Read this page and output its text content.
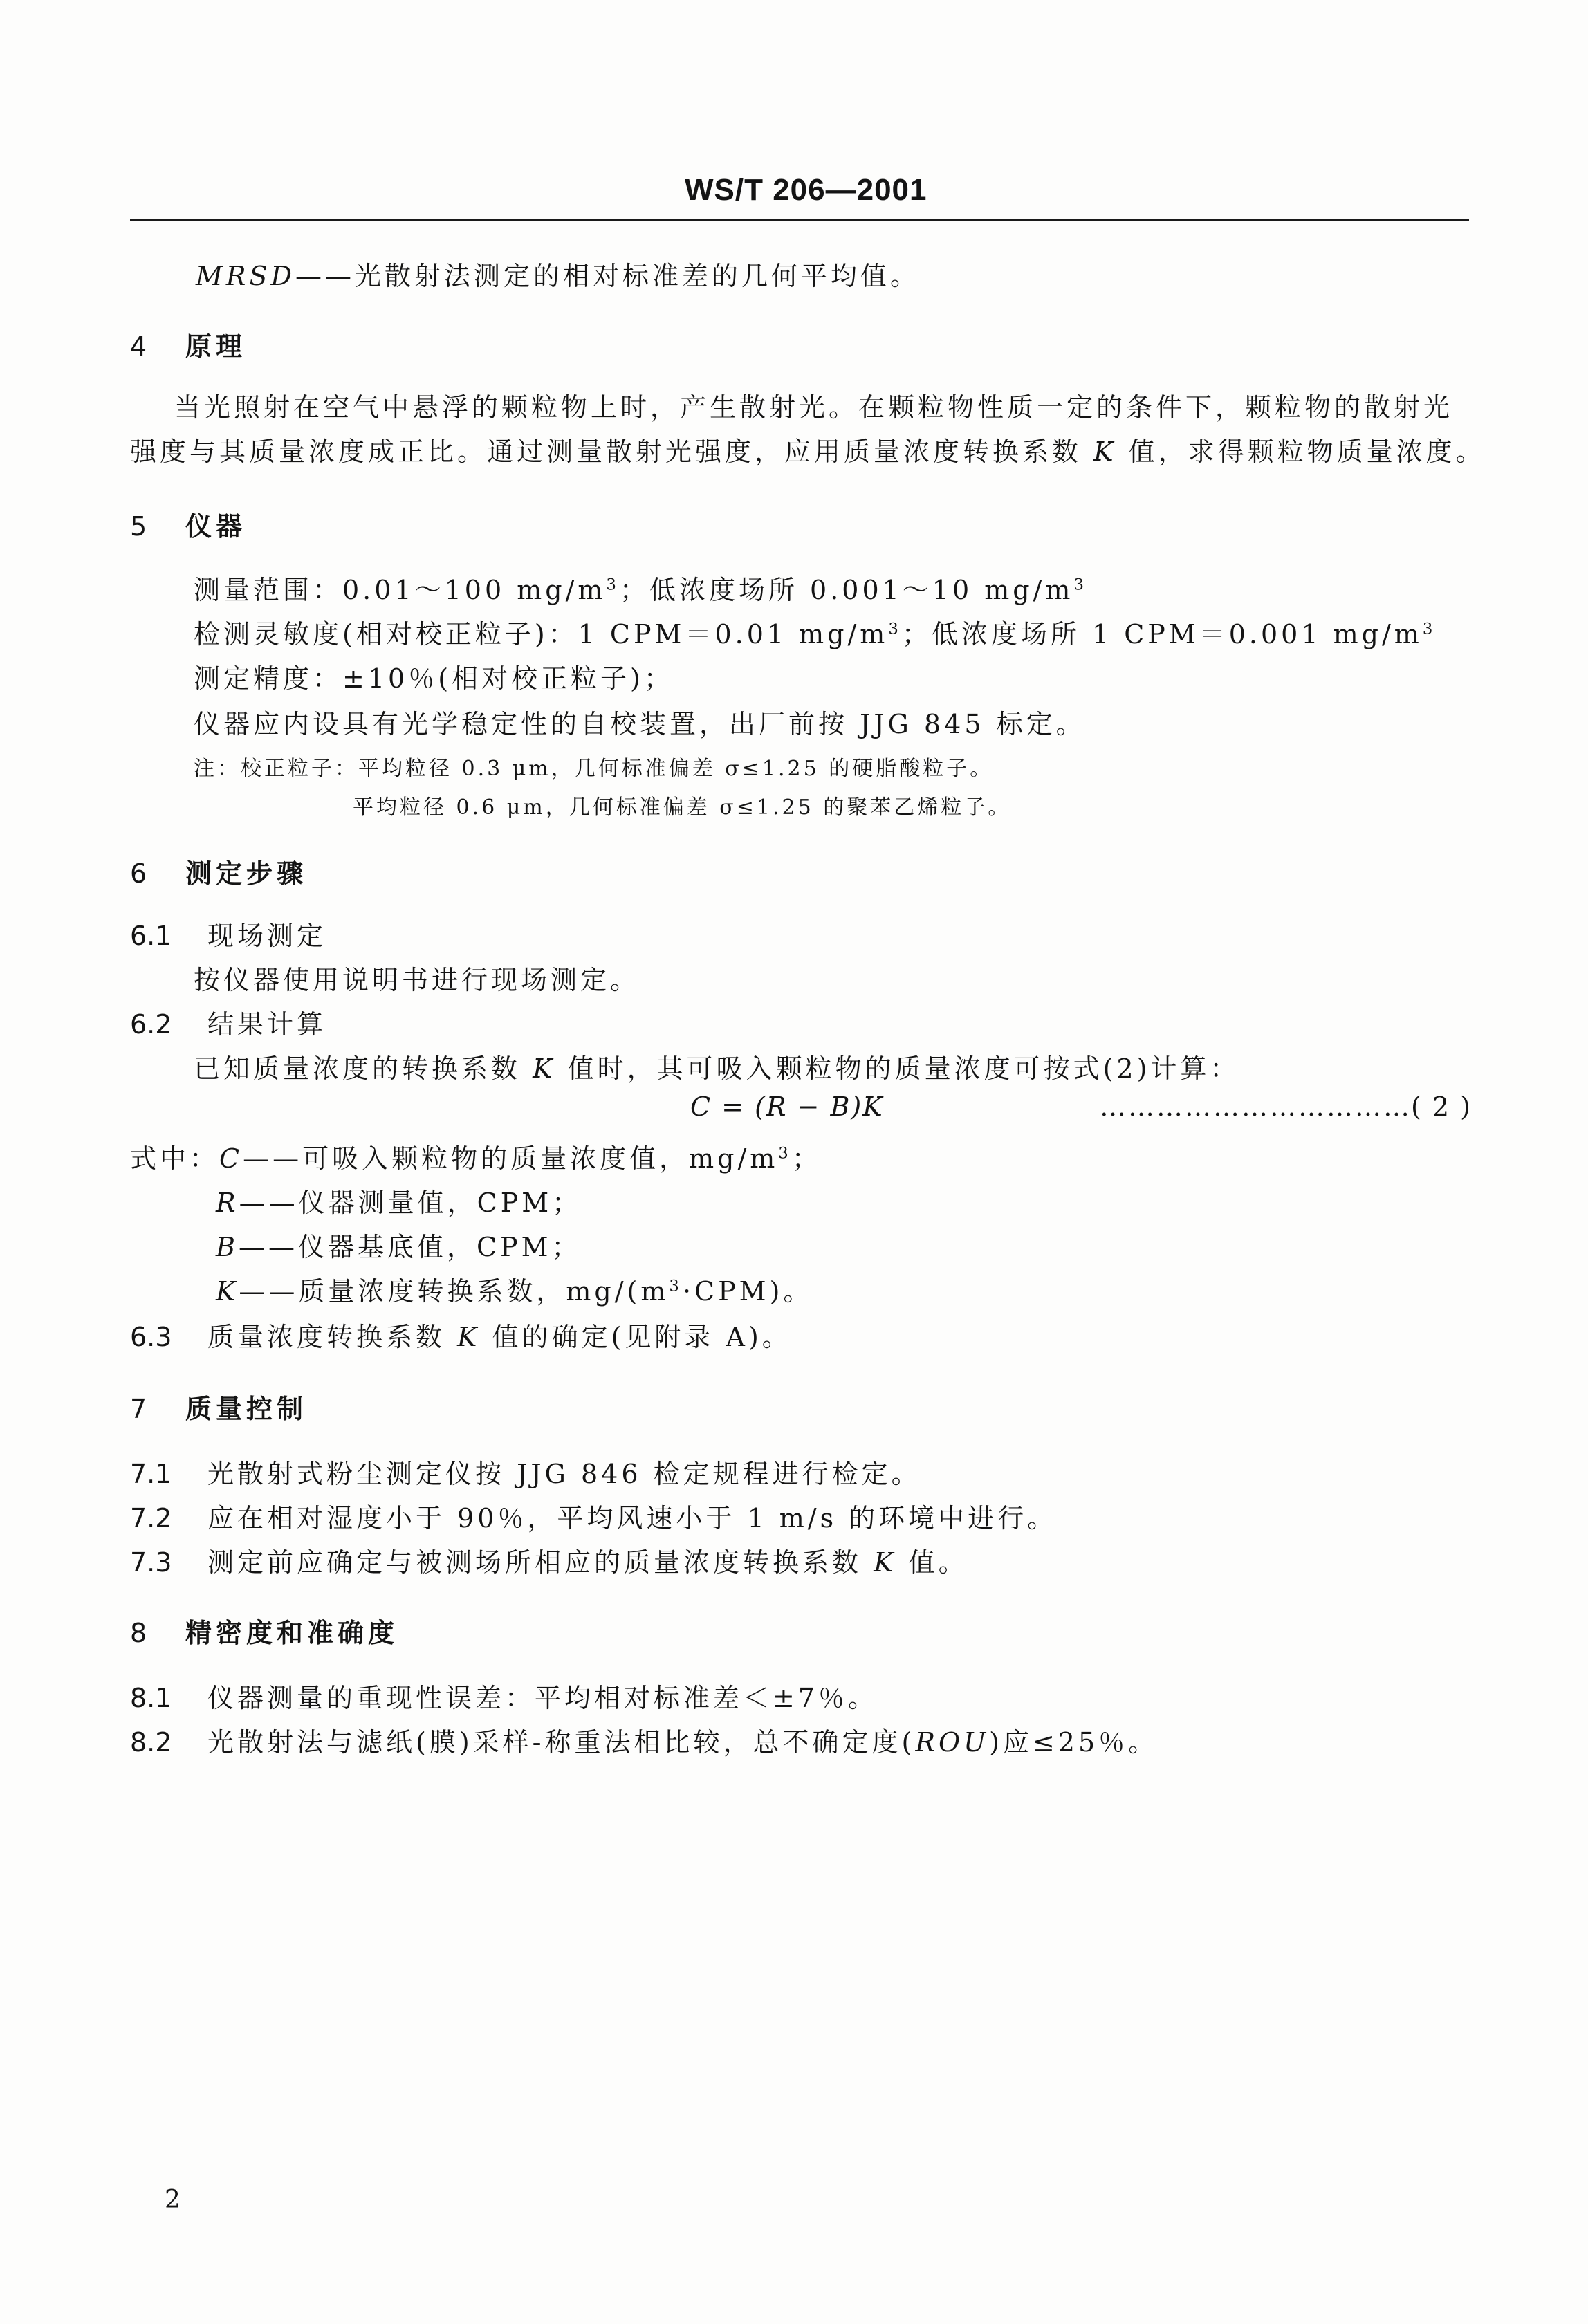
WS/T 206—2001
MRSD——光散射法测定的相对标准差的几何平均值。
4 原理
当光照射在空气中悬浮的颗粒物上时，产生散射光。在颗粒物性质一定的条件下，颗粒物的散射光
强度与其质量浓度成正比。通过测量散射光强度，应用质量浓度转换系数 K 值，求得颗粒物质量浓度。
5 仪器
测量范围：0.01～100 $mg/m^3$；低浓度场所 0.001～10 $mg/m^3$
检测灵敏度(相对校正粒子)：1 CPM＝0.01 $mg/m^3$；低浓度场所 1 CPM＝0.001 $mg/m^3$
测定精度：±10％(相对校正粒子)；
仪器应内设具有光学稳定性的自校装置，出厂前按 JJG 845 标定。
注：校正粒子：平均粒径 0.3 μm，几何标准偏差 σ≤1.25 的硬脂酸粒子。
平均粒径 0.6 μm，几何标准偏差 σ≤1.25 的聚苯乙烯粒子。
6 测定步骤
6.1 现场测定
按仪器使用说明书进行现场测定。
6.2 结果计算
已知质量浓度的转换系数 K 值时，其可吸入颗粒物的质量浓度可按式(2)计算：
C = (R − B)K	…………………………… ( 2 )
式中：C——可吸入颗粒物的质量浓度值，$mg/m^3$；
R——仪器测量值，CPM；
B——仪器基底值，CPM；
K——质量浓度转换系数，$mg/(m^3\cdot CPM)$。
6.3 质量浓度转换系数 K 值的确定(见附录 A)。
7 质量控制
7.1 光散射式粉尘测定仪按 JJG 846 检定规程进行检定。
7.2 应在相对湿度小于 90％，平均风速小于 1 m/s 的环境中进行。
7.3 测定前应确定与被测场所相应的质量浓度转换系数 K 值。
8 精密度和准确度
8.1 仪器测量的重现性误差：平均相对标准差＜±7％。
8.2 光散射法与滤纸(膜)采样-称重法相比较，总不确定度(ROU)应≤25％。
2
